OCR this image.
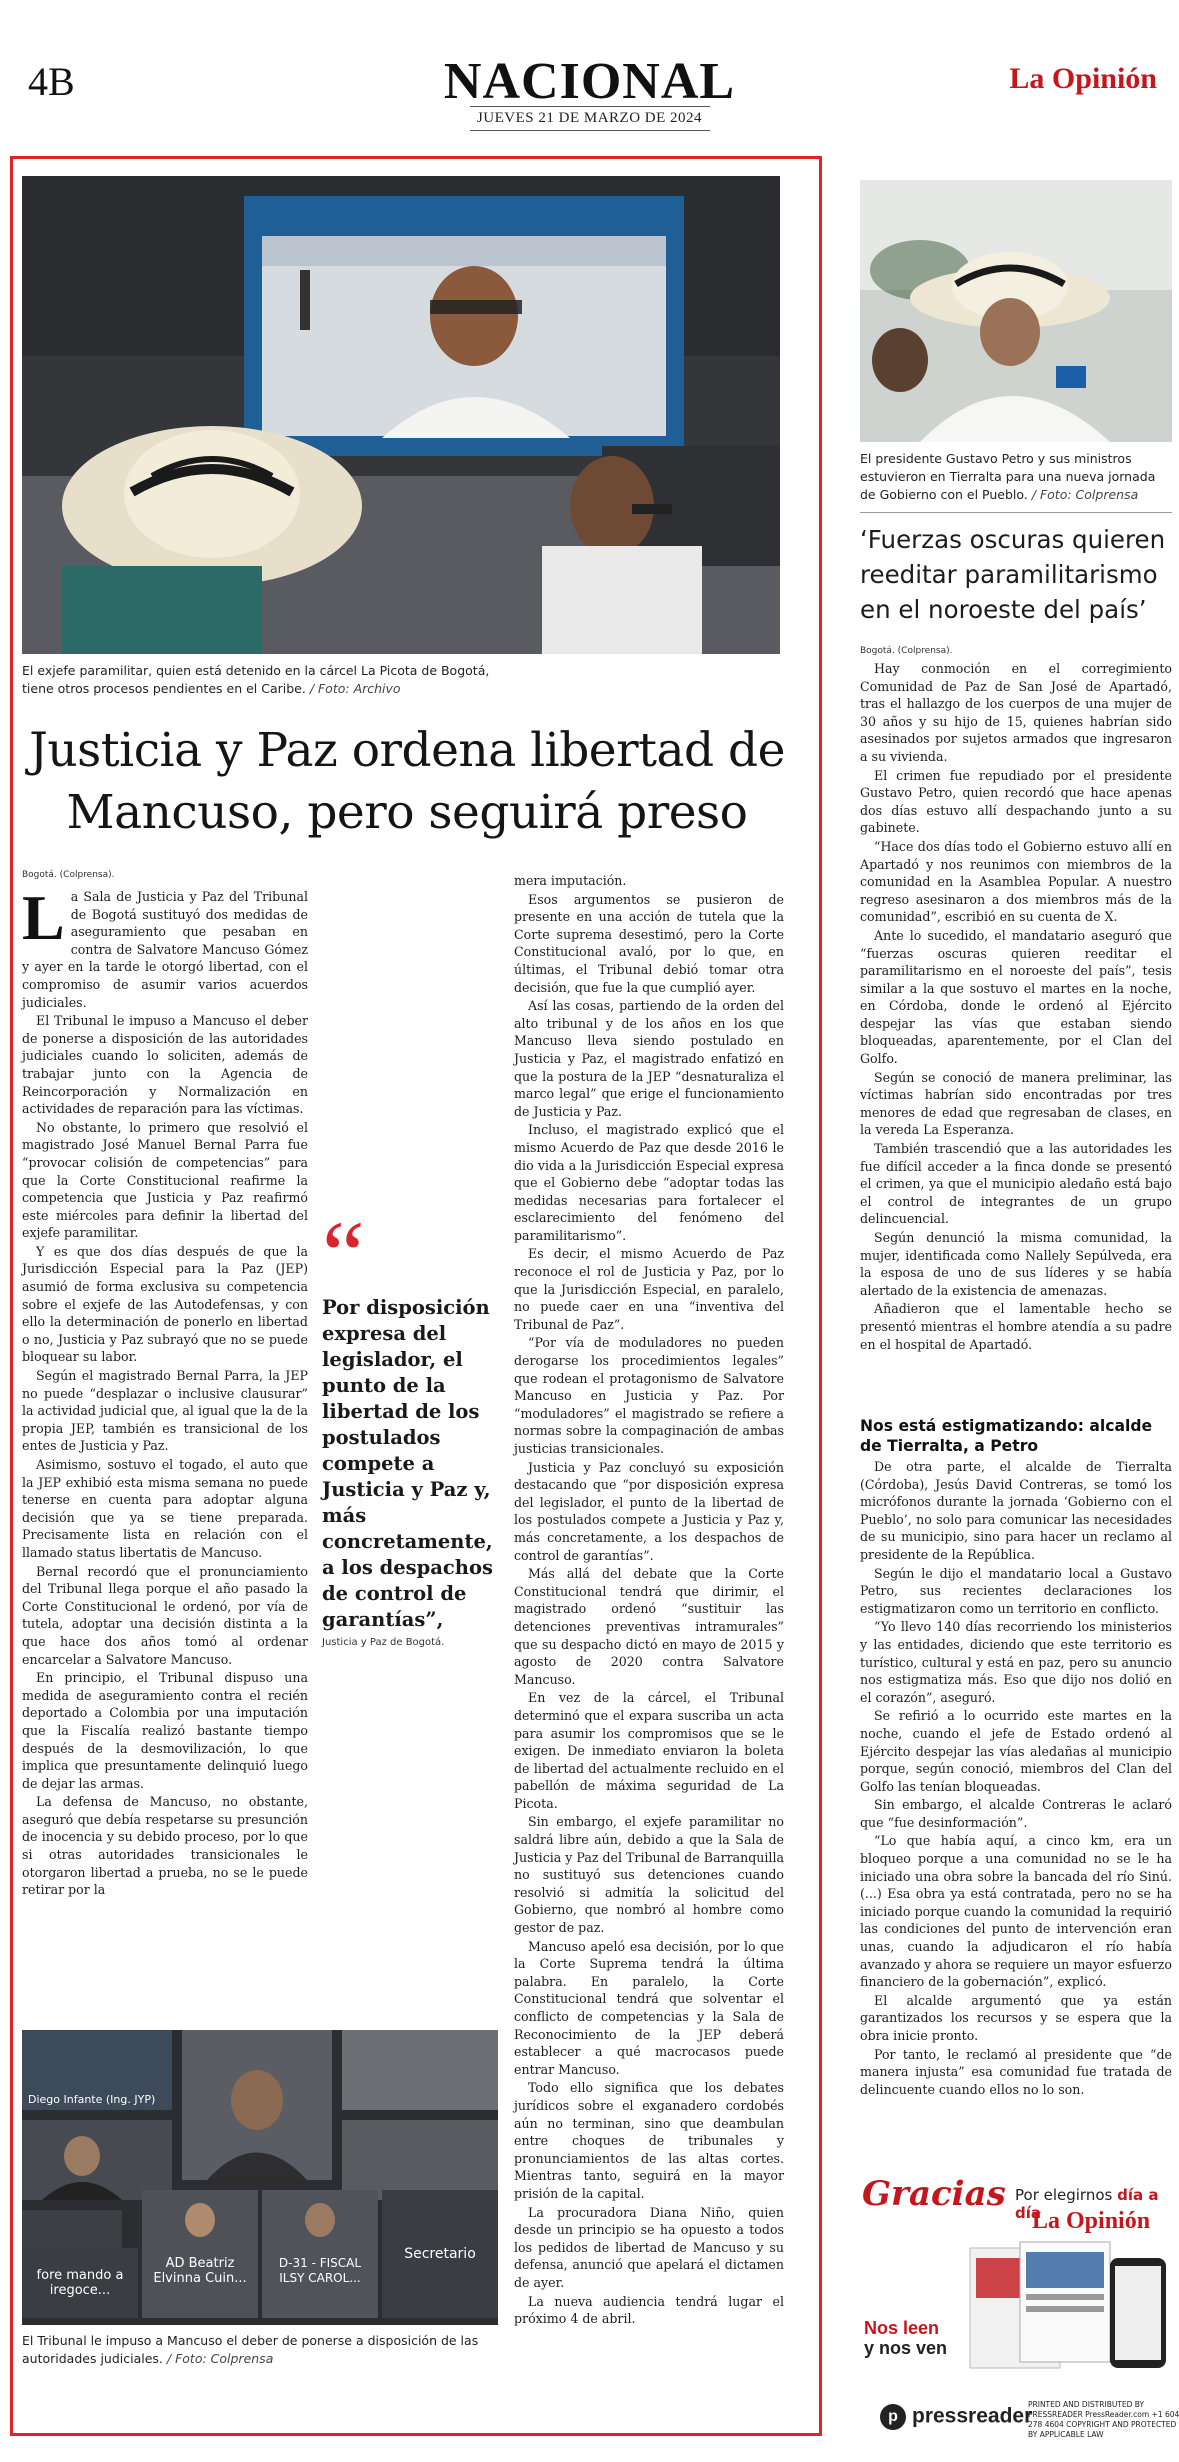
4B	NACIONAL
JUEVES 21 DE MARZO DE 2024
La Opinión
El exjefe paramilitar, quien está detenido en la cárcel La Picota de Bogotá, tiene otros procesos pendientes en el Caribe. / Foto: Archivo
Justicia y Paz ordena libertad de Mancuso, pero seguirá preso
Bogotá. (Colprensa).

La Sala de Justicia y Paz del Tribunal de Bogotá sustituyó dos medidas de aseguramiento que pesaban en contra de Salvatore Mancuso Gómez y ayer en la tarde le otorgó libertad, con el compromiso de asumir varios acuerdos judiciales.

El Tribunal le impuso a Mancuso el deber de ponerse a disposición de las autoridades judiciales cuando lo soliciten, además de trabajar junto con la Agencia de Reincorporación y Normalización en actividades de reparación para las víctimas.

No obstante, lo primero que resolvió el magistrado José Manuel Bernal Parra fue “provocar colisión de competencias” para que la Corte Constitucional reafirme la competencia que Justicia y Paz reafirmó este miércoles para definir la libertad del exjefe paramilitar.

Y es que dos días después de que la Jurisdicción Especial para la Paz (JEP) asumió de forma exclusiva su competencia sobre el exjefe de las Autodefensas, y con ello la determinación de ponerlo en libertad o no, Justicia y Paz subrayó que no se puede bloquear su labor.

Según el magistrado Bernal Parra, la JEP no puede “desplazar o inclusive clausurar” la actividad judicial que, al igual que la de la propia JEP, también es transicional de los entes de Justicia y Paz.

Asimismo, sostuvo el togado, el auto que la JEP exhibió esta misma semana no puede tenerse en cuenta para adoptar alguna decisión que ya se tiene preparada. Precisamente lista en relación con el llamado status libertatis de Mancuso.

Bernal recordó que el pronunciamiento del Tribunal llega porque el año pasado la Corte Constitucional le ordenó, por vía de tutela, adoptar una decisión distinta a la que hace dos años tomó al ordenar encarcelar a Salvatore Mancuso.

En principio, el Tribunal dispuso una medida de aseguramiento contra el recién deportado a Colombia por una imputación que la Fiscalía realizó bastante tiempo después de la desmovilización, lo que implica que presuntamente delinquió luego de dejar las armas.

La defensa de Mancuso, no obstante, aseguró que debía respetarse su presunción de inocencia y su debido proceso, por lo que si otras autoridades transicionales le otorgaron libertad a prueba, no se le puede retirar por la

“
Por disposición expresa del legislador, el punto de la libertad de los postulados compete a Justicia y Paz y, más concretamente, a los despachos de control de garantías”,
Justicia y Paz de Bogotá.

mera imputación.

Esos argumentos se pusieron de presente en una acción de tutela que la Corte suprema desestimó, pero la Corte Constitucional avaló, por lo que, en últimas, el Tribunal debió tomar otra decisión, que fue la que cumplió ayer.

Así las cosas, partiendo de la orden del alto tribunal y de los años en los que Mancuso lleva siendo postulado en Justicia y Paz, el magistrado enfatizó en que la postura de la JEP “desnaturaliza el marco legal” que erige el funcionamiento de Justicia y Paz.

Incluso, el magistrado explicó que el mismo Acuerdo de Paz que desde 2016 le dio vida a la Jurisdicción Especial expresa que el Gobierno debe “adoptar todas las medidas necesarias para fortalecer el esclarecimiento del fenómeno del paramilitarismo”.

Es decir, el mismo Acuerdo de Paz reconoce el rol de Justicia y Paz, por lo que la Jurisdicción Especial, en paralelo, no puede caer en una “inventiva del Tribunal de Paz”.

“Por vía de moduladores no pueden derogarse los procedimientos legales” que rodean el protagonismo de Salvatore Mancuso en Justicia y Paz. Por “moduladores” el magistrado se refiere a normas sobre la compaginación de ambas justicias transicionales.

Justicia y Paz concluyó su exposición destacando que “por disposición expresa del legislador, el punto de la libertad de los postulados compete a Justicia y Paz y, más concretamente, a los despachos de control de garantías”.

Más allá del debate que la Corte Constitucional tendrá que dirimir, el magistrado ordenó “sustituir las detenciones preventivas intramurales” que su despacho dictó en mayo de 2015 y agosto de 2020 contra Salvatore Mancuso.

En vez de la cárcel, el Tribunal determinó que el expara suscriba un acta para asumir los compromisos que se le exigen. De inmediato enviaron la boleta de libertad del actualmente recluido en el pabellón de máxima seguridad de La Picota.

Sin embargo, el exjefe paramilitar no saldrá libre aún, debido a que la Sala de Justicia y Paz del Tribunal de Barranquilla no sustituyó sus detenciones cuando resolvió si admitía la solicitud del Gobierno, que nombró al hombre como gestor de paz.

Mancuso apeló esa decisión, por lo que la Corte Suprema tendrá la última palabra. En paralelo, la Corte Constitucional tendrá que solventar el conflicto de competencias y la Sala de Reconocimiento de la JEP deberá establecer a qué macrocasos puede entrar Mancuso.

Todo ello significa que los debates jurídicos sobre el exganadero cordobés aún no terminan, sino que deambulan entre choques de tribunales y pronunciamientos de las altas cortes. Mientras tanto, seguirá en la mayor prisión de la capital.

La procuradora Diana Niño, quien desde un principio se ha opuesto a todos los pedidos de libertad de Mancuso y su defensa, anunció que apelará el dictamen de ayer.

La nueva audiencia tendrá lugar el próximo 4 de abril.

Diego Infante (Ing. JYP)
fore mando a iregoce...
AD Beatriz Elvinna Cuin...
D-31 - FISCAL ILSY CAROL...
Secretario
El Tribunal le impuso a Mancuso el deber de ponerse a disposición de las autoridades judiciales. / Foto: Colprensa
El presidente Gustavo Petro y sus ministros estuvieron en Tierralta para una nueva jornada de Gobierno con el Pueblo. / Foto: Colprensa
‘Fuerzas oscuras quieren reeditar paramilitarismo en el noroeste del país’
Bogotá. (Colprensa).

Hay conmoción en el corregimiento Comunidad de Paz de San José de Apartadó, tras el hallazgo de los cuerpos de una mujer de 30 años y su hijo de 15, quienes habrían sido asesinados por sujetos armados que ingresaron a su vivienda.

El crimen fue repudiado por el presidente Gustavo Petro, quien recordó que hace apenas dos días estuvo allí despachando junto a su gabinete.

“Hace dos días todo el Gobierno estuvo allí en Apartadó y nos reunimos con miembros de la comunidad en la Asamblea Popular. A nuestro regreso asesinaron a dos miembros más de la comunidad”, escribió en su cuenta de X.

Ante lo sucedido, el mandatario aseguró que “fuerzas oscuras quieren reeditar el paramilitarismo en el noroeste del país”, tesis similar a la que sostuvo el martes en la noche, en Córdoba, donde le ordenó al Ejército despejar las vías que estaban siendo bloqueadas, aparentemente, por el Clan del Golfo.

Según se conoció de manera preliminar, las víctimas habrían sido encontradas por tres menores de edad que regresaban de clases, en la vereda La Esperanza.

También trascendió que a las autoridades les fue difícil acceder a la finca donde se presentó el crimen, ya que el municipio aledaño está bajo el control de integrantes de un grupo delincuencial.

Según denunció la misma comunidad, la mujer, identificada como Nallely Sepúlveda, era la esposa de uno de sus líderes y se había alertado de la existencia de amenazas.

Añadieron que el lamentable hecho se presentó mientras el hombre atendía a su padre en el hospital de Apartadó.

Nos está estigmatizando: alcalde de Tierralta, a Petro

De otra parte, el alcalde de Tierralta (Córdoba), Jesús David Contreras, se tomó los micrófonos durante la jornada ‘Gobierno con el Pueblo’, no solo para comunicar las necesidades de su municipio, sino para hacer un reclamo al presidente de la República.

Según le dijo el mandatario local a Gustavo Petro, sus recientes declaraciones los estigmatizaron como un territorio en conflicto.

“Yo llevo 140 días recorriendo los ministerios y las entidades, diciendo que este territorio es turístico, cultural y está en paz, pero su anuncio nos estigmatiza más. Eso que dijo nos dolió en el corazón”, aseguró.

Se refirió a lo ocurrido este martes en la noche, cuando el jefe de Estado ordenó al Ejército despejar las vías aledañas al municipio porque, según conoció, miembros del Clan del Golfo las tenían bloqueadas.

Sin embargo, el alcalde Contreras le aclaró que “fue desinformación”.

“Lo que había aquí, a cinco km, era un bloqueo porque a una comunidad no se le ha iniciado una obra sobre la bancada del río Sinú. (...) Esa obra ya está contratada, pero no se ha iniciado porque cuando la comunidad la requirió las condiciones del punto de intervención eran unas, cuando la adjudicaron el río había avanzado y ahora se requiere un mayor esfuerzo financiero de la gobernación”, explicó.

El alcalde argumentó que ya están garantizados los recursos y se espera que la obra inicie pronto.

Por tanto, le reclamó al presidente que “de manera injusta” esa comunidad fue tratada de delincuente cuando ellos no lo son.

Gracias Por elegirnos día a día
La Opinión
Nos leen
y nos ven
p pressreader
PRINTED AND DISTRIBUTED BY PRESSREADER PressReader.com +1 604 278 4604 COPYRIGHT AND PROTECTED BY APPLICABLE LAW
